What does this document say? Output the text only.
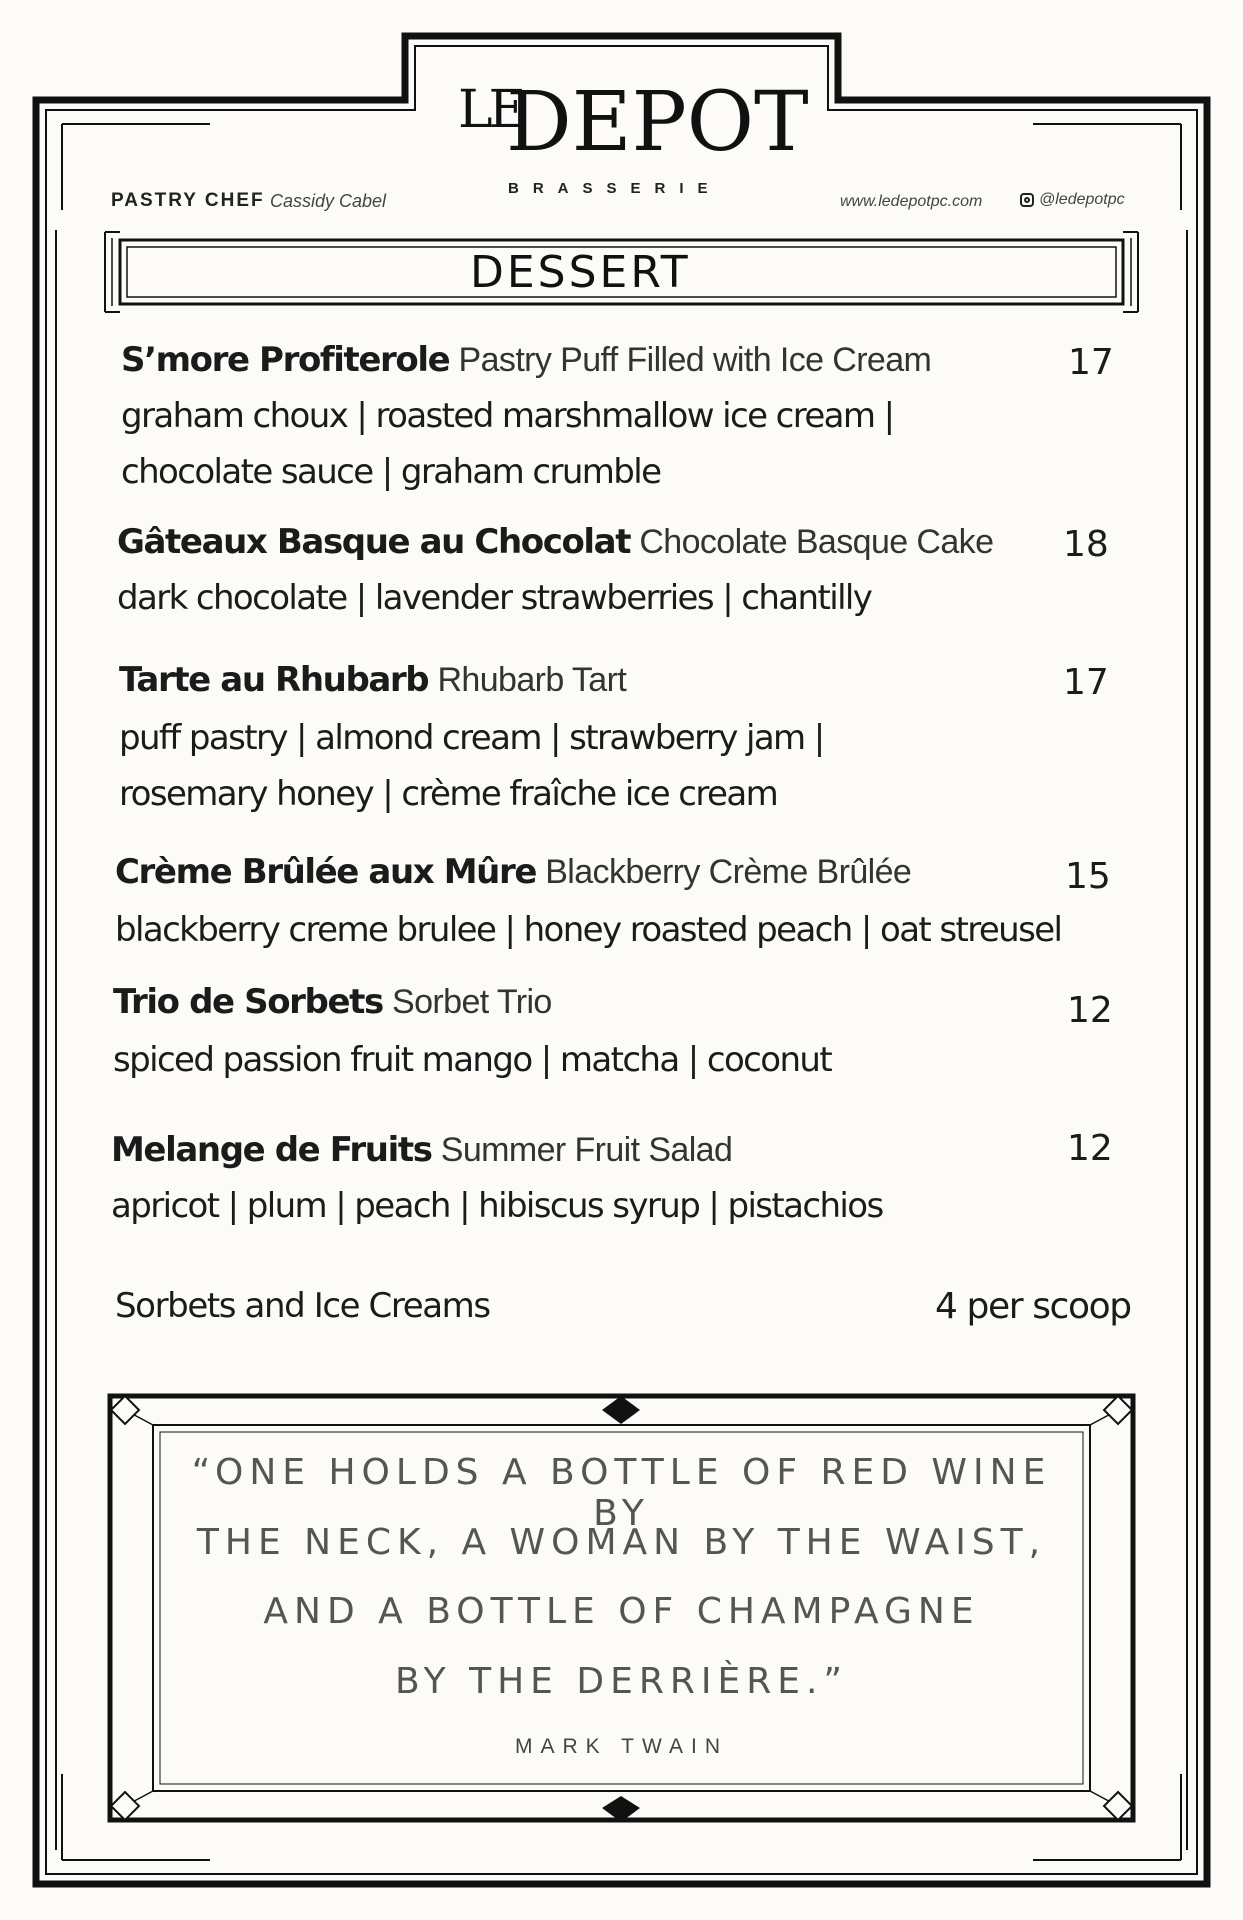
LE
DEPOT
BRASSERIE
PASTRY CHEF Cassidy Cabel	www.ledepotpc.com	@ledepotpc
DESSERT
S’more Profiterole Pastry Puff Filled with Ice Cream
graham choux | roasted marshmallow ice cream |
chocolate sauce | graham crumble
17
Gâteaux Basque au Chocolat Chocolate Basque Cake
dark chocolate | lavender strawberries | chantilly
18
Tarte au Rhubarb Rhubarb Tart
puff pastry | almond cream | strawberry jam |
rosemary honey | crème fraîche ice cream
17
Crème Brûlée aux Mûre Blackberry Crème Brûlée
blackberry creme brulee | honey roasted peach | oat streusel
15
Trio de Sorbets Sorbet Trio
spiced passion fruit mango | matcha | coconut
12
Melange de Fruits Summer Fruit Salad
apricot | plum | peach | hibiscus syrup | pistachios
12
Sorbets and Ice Creams	4 per scoop
“ONE HOLDS A BOTTLE OF RED WINE BY
THE NECK, A WOMAN BY THE WAIST,
AND A BOTTLE OF CHAMPAGNE
BY THE DERRIÈRE.”
MARK TWAIN
